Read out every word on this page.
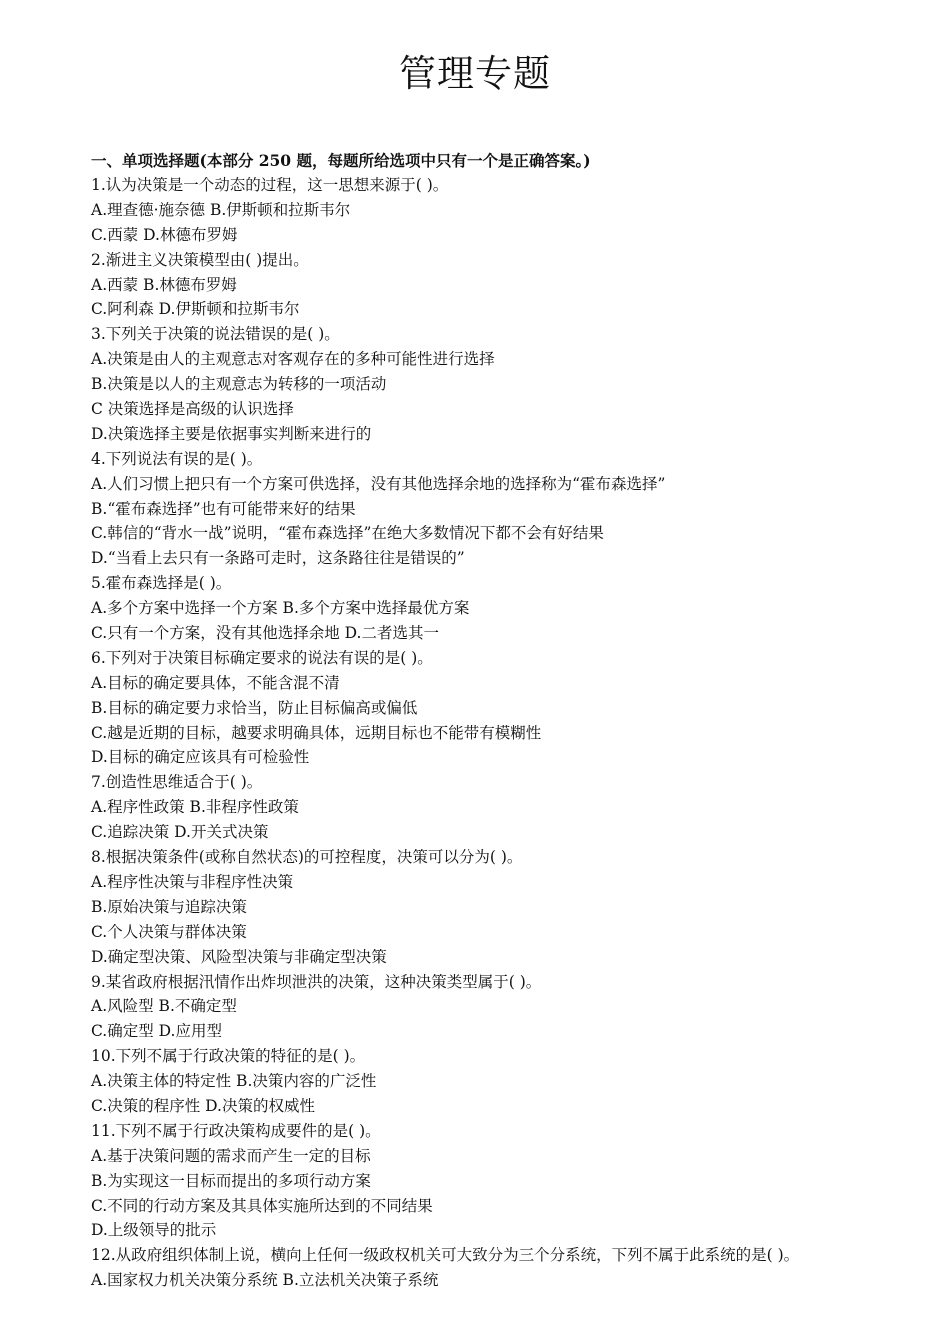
管理专题
一、单项选择题(本部分 250 题，每题所给选项中只有一个是正确答案。)
1.认为决策是一个动态的过程，这一思想来源于( )。
A.理查德·施奈德 B.伊斯顿和拉斯韦尔
C.西蒙 D.林德布罗姆
2.渐进主义决策模型由( )提出。
A.西蒙 B.林德布罗姆
C.阿利森 D.伊斯顿和拉斯韦尔
3.下列关于决策的说法错误的是( )。
A.决策是由人的主观意志对客观存在的多种可能性进行选择
B.决策是以人的主观意志为转移的一项活动
C 决策选择是高级的认识选择
D.决策选择主要是依据事实判断来进行的
4.下列说法有误的是( )。
A.人们习惯上把只有一个方案可供选择，没有其他选择余地的选择称为“霍布森选择”
B.“霍布森选择”也有可能带来好的结果
C.韩信的“背水一战”说明，“霍布森选择”在绝大多数情况下都不会有好结果
D.“当看上去只有一条路可走时，这条路往往是错误的”
5.霍布森选择是( )。
A.多个方案中选择一个方案 B.多个方案中选择最优方案
C.只有一个方案，没有其他选择余地 D.二者选其一
6.下列对于决策目标确定要求的说法有误的是( )。
A.目标的确定要具体，不能含混不清
B.目标的确定要力求恰当，防止目标偏高或偏低
C.越是近期的目标，越要求明确具体，远期目标也不能带有模糊性
D.目标的确定应该具有可检验性
7.创造性思维适合于( )。
A.程序性政策 B.非程序性政策
C.追踪决策 D.开关式决策
8.根据决策条件(或称自然状态)的可控程度，决策可以分为( )。
A.程序性决策与非程序性决策
B.原始决策与追踪决策
C.个人决策与群体决策
D.确定型决策、风险型决策与非确定型决策
9.某省政府根据汛情作出炸坝泄洪的决策，这种决策类型属于( )。
A.风险型 B.不确定型
C.确定型 D.应用型
10.下列不属于行政决策的特征的是( )。
A.决策主体的特定性 B.决策内容的广泛性
C.决策的程序性 D.决策的权威性
11.下列不属于行政决策构成要件的是( )。
A.基于决策问题的需求而产生一定的目标
B.为实现这一目标而提出的多项行动方案
C.不同的行动方案及其具体实施所达到的不同结果
D.上级领导的批示
12.从政府组织体制上说，横向上任何一级政权机关可大致分为三个分系统，下列不属于此系统的是( )。
A.国家权力机关决策分系统 B.立法机关决策子系统
